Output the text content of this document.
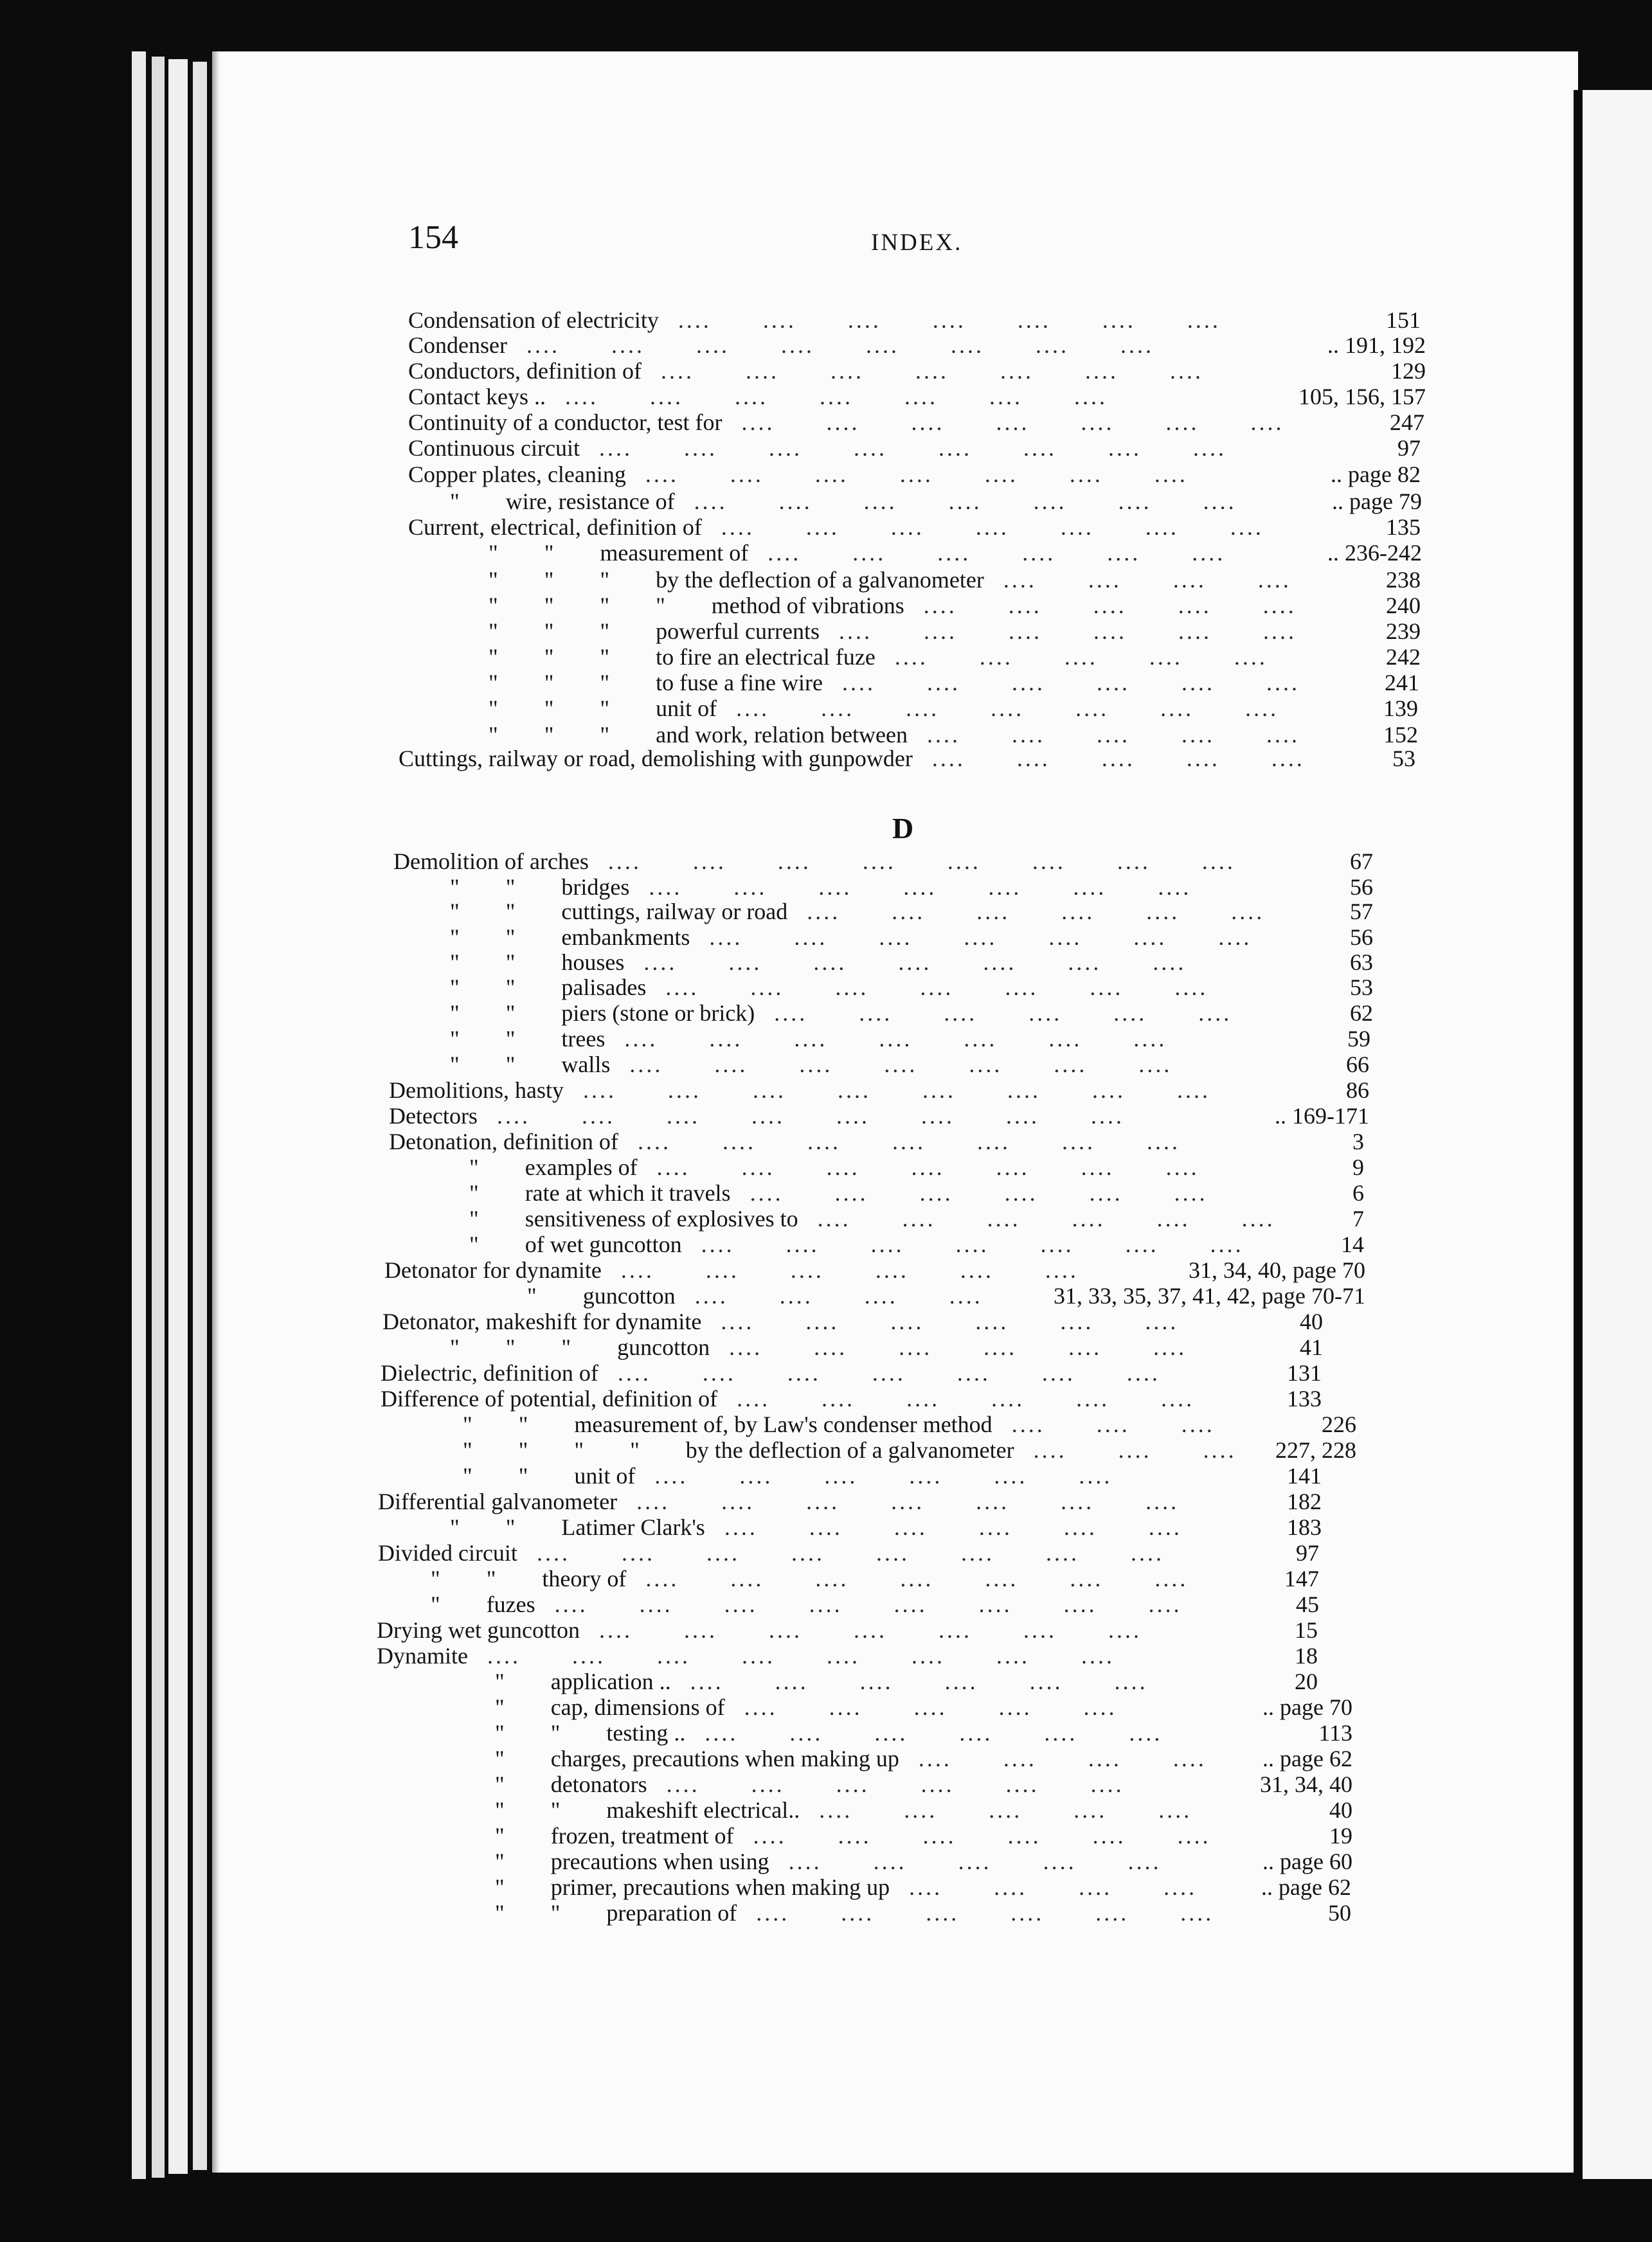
154	INDEX.
D
Condensation of electricity	151
....  ....  ....  ....  ....  ....  ....  
Condenser	.. 191, 192
....  ....  ....  ....  ....  ....  ....  ....  
Conductors, definition of	129
....  ....  ....  ....  ....  ....  ....  
Contact keys ..	105, 156, 157
....  ....  ....  ....  ....  ....  ....  
Continuity of a conductor, test for	247
....  ....  ....  ....  ....  ....  ....  
Continuous circuit	97
....  ....  ....  ....  ....  ....  ....  ....  
Copper plates, cleaning	.. page 82
....  ....  ....  ....  ....  ....  ....  
"  wire, resistance of	.. page 79
....  ....  ....  ....  ....  ....  ....  
Current, electrical, definition of	135
....  ....  ....  ....  ....  ....  ....  
"  "  measurement of	.. 236-242
....  ....  ....  ....  ....  ....  
"  "  "  by the deflection of a galvanometer	238
....  ....  ....  ....  
"  "  "  "  method of vibrations	240
....  ....  ....  ....  ....  
"  "  "  powerful currents	239
....  ....  ....  ....  ....  ....  
"  "  "  to fire an electrical fuze	242
....  ....  ....  ....  ....  
"  "  "  to fuse a fine wire	241
....  ....  ....  ....  ....  ....  
"  "  "  unit of	139
....  ....  ....  ....  ....  ....  ....  
"  "  "  and work, relation between	152
....  ....  ....  ....  ....  
Cuttings, railway or road, demolishing with gunpowder	53
....  ....  ....  ....  ....  
Demolition of arches	67
....  ....  ....  ....  ....  ....  ....  ....  
"  "  bridges	56
....  ....  ....  ....  ....  ....  ....  
"  "  cuttings, railway or road	57
....  ....  ....  ....  ....  ....  
"  "  embankments	56
....  ....  ....  ....  ....  ....  ....  
"  "  houses	63
....  ....  ....  ....  ....  ....  ....  
"  "  palisades	53
....  ....  ....  ....  ....  ....  ....  
"  "  piers (stone or brick)	62
....  ....  ....  ....  ....  ....  
"  "  trees	59
....  ....  ....  ....  ....  ....  ....  
"  "  walls	66
....  ....  ....  ....  ....  ....  ....  
Demolitions, hasty	86
....  ....  ....  ....  ....  ....  ....  ....  
Detectors	.. 169-171
....  ....  ....  ....  ....  ....  ....  ....  
Detonation, definition of	3
....  ....  ....  ....  ....  ....  ....  
"  examples of	9
....  ....  ....  ....  ....  ....  ....  
"  rate at which it travels	6
....  ....  ....  ....  ....  ....  
"  sensitiveness of explosives to	7
....  ....  ....  ....  ....  ....  
"  of wet guncotton	14
....  ....  ....  ....  ....  ....  ....  
Detonator for dynamite	31, 34, 40, page 70
....  ....  ....  ....  ....  ....  
"  guncotton	31, 33, 35, 37, 41, 42, page 70-71
....  ....  ....  ....  
Detonator, makeshift for dynamite	40
....  ....  ....  ....  ....  ....  
"  "  "  guncotton	41
....  ....  ....  ....  ....  ....  
Dielectric, definition of	131
....  ....  ....  ....  ....  ....  ....  
Difference of potential, definition of	133
....  ....  ....  ....  ....  ....  
"  "  measurement of, by Law's condenser method	226
....  ....  ....  
"  "  "  "  by the deflection of a galvanometer	227, 228
....  ....  ....  
"  "  unit of	141
....  ....  ....  ....  ....  ....  
Differential galvanometer	182
....  ....  ....  ....  ....  ....  ....  
"  "  Latimer Clark's	183
....  ....  ....  ....  ....  ....  
Divided circuit	97
....  ....  ....  ....  ....  ....  ....  ....  
"  "  theory of	147
....  ....  ....  ....  ....  ....  ....  
"  fuzes	45
....  ....  ....  ....  ....  ....  ....  ....  
Drying wet guncotton	15
....  ....  ....  ....  ....  ....  ....  
Dynamite	18
....  ....  ....  ....  ....  ....  ....  ....  
"  application ..	20
....  ....  ....  ....  ....  ....  
"  cap, dimensions of	.. page 70
....  ....  ....  ....  ....  
"  "  testing ..	113
....  ....  ....  ....  ....  ....  
"  charges, precautions when making up	.. page 62
....  ....  ....  ....  
"  detonators	31, 34, 40
....  ....  ....  ....  ....  ....  
"  "  makeshift electrical..	40
....  ....  ....  ....  ....  
"  frozen, treatment of	19
....  ....  ....  ....  ....  ....  
"  precautions when using	.. page 60
....  ....  ....  ....  ....  
"  primer, precautions when making up	.. page 62
....  ....  ....  ....  
"  "  preparation of	50
....  ....  ....  ....  ....  ....  
